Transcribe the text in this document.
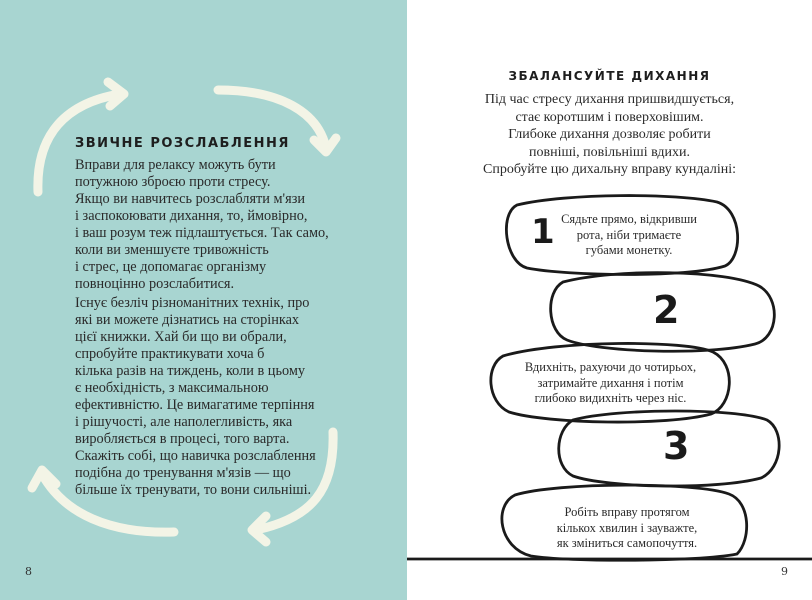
ЗВИЧНЕ РОЗСЛАБЛЕННЯ
Вправи для релаксу можуть бути
потужною зброєю проти стресу.
Якщо ви навчитесь розслабляти м'язи
і заспокоювати дихання, то, ймовірно,
і ваш розум теж підлаштується. Так само,
коли ви зменшуєте тривожність
і стрес, це допомагає організму
повноцінно розслабитися.
Існує безліч різноманітних технік, про
які ви можете дізнатись на сторінках
цієї книжки. Хай би що ви обрали,
спробуйте практикувати хоча б
кілька разів на тиждень, коли в цьому
є необхідність, з максимальною
ефективністю. Це вимагатиме терпіння
і рішучості, але наполегливість, яка
виробляється в процесі, того варта.
Скажіть собі, що навичка розслаблення
подібна до тренування м'язів — що
більше їх тренувати, то вони сильніші.
8
ЗБАЛАНСУЙТЕ ДИХАННЯ
Під час стресу дихання пришвидшується,
стає коротшим і поверховішим.
Глибоке дихання дозволяє робити
повніші, повільніші вдихи.
Спробуйте цю дихальну вправу кундаліні:
1 Сядьте прямо, відкривши
рота, ніби тримаєте
губами монетку.
2
Вдихніть, рахуючи до чотирьох,
затримайте дихання і потім
глибоко видихніть через ніс.
3
Робіть вправу протягом
кількох хвилин і зауважте,
як зміниться самопочуття.
9
